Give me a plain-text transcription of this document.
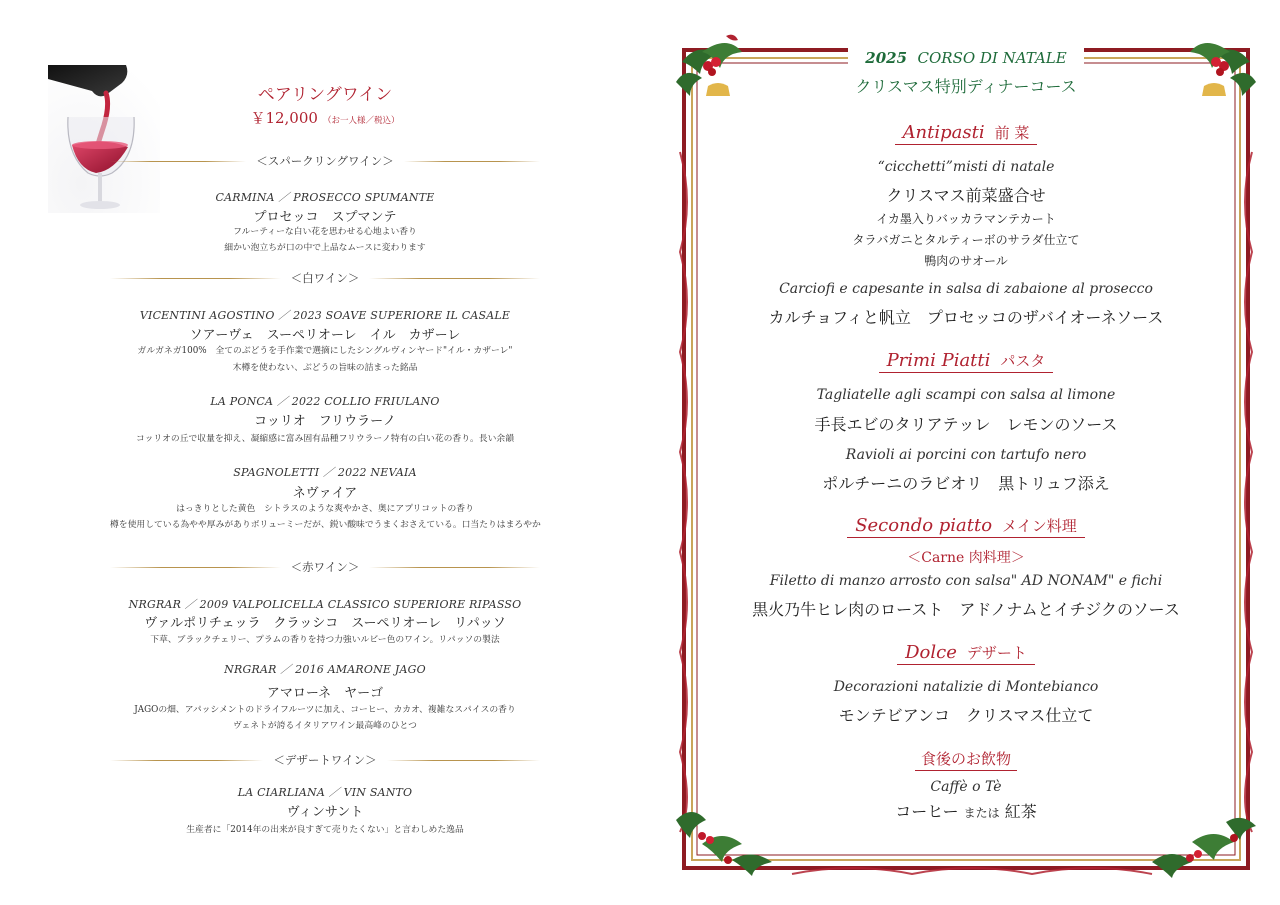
ペアリングワイン
￥12,000 （お一人様／税込）
＜スパークリングワイン＞
CARMINA ／ PROSECCO SPUMANTE
プロセッコ　スプマンテ
フルーティーな白い花を思わせる心地よい香り
細かい泡立ちが口の中で上品なムースに変わります
＜白ワイン＞
VICENTINI AGOSTINO ／ 2023 SOAVE SUPERIORE IL CASALE
ソアーヴェ　スーペリオーレ　イル　カザーレ
ガルガネガ100%　全てのぶどうを手作業で選摘にしたシングルヴィンヤード"イル・カザーレ"
木樽を使わない、ぶどうの旨味の詰まった銘品
LA PONCA ／ 2022 COLLIO FRIULANO
コッリオ　フリウラーノ
コッリオの丘で収量を抑え、凝縮感に富み固有品種フリウラーノ特有の白い花の香り。長い余韻
SPAGNOLETTI ／ 2022 NEVAIA
ネヴァイア
はっきりとした黄色　シトラスのような爽やかさ、奥にアプリコットの香り
樽を使用している為やや厚みがありボリューミーだが、鋭い酸味でうまくおさえている。口当たりはまろやか
＜赤ワイン＞
NRGRAR ／ 2009 VALPOLICELLA CLASSICO SUPERIORE RIPASSO
ヴァルポリチェッラ　クラッシコ　スーペリオーレ　リパッソ
下草、ブラックチェリー、プラムの香りを持つ力強いルビー色のワイン。リパッソの製法
NRGRAR ／ 2016 AMARONE JAGO
アマローネ　ヤーゴ
JAGOの畑、アパッシメントのドライフルーツに加え、コーヒー、カカオ、複雑なスパイスの香り
ヴェネトが誇るイタリアワイン最高峰のひとつ
＜デザートワイン＞
LA CIARLIANA ／ VIN SANTO
ヴィンサント
生産者に「2014年の出来が良すぎて売りたくない」と言わしめた逸品
2025 CORSO DI NATALE
クリスマス特別ディナーコース
Antipasti 前 菜
“cicchetti”misti di natale
クリスマス前菜盛合せ
イカ墨入りバッカラマンテカート
タラバガニとタルティーボのサラダ仕立て
鴨肉のサオール
Carciofi e capesante in salsa di zabaione al prosecco
カルチョフィと帆立　プロセッコのザバイオーネソース
Primi Piatti パスタ
Tagliatelle agli scampi con salsa al limone
手長エビのタリアテッレ　レモンのソース
Ravioli ai porcini con tartufo nero
ポルチーニのラビオリ　黒トリュフ添え
Secondo piatto メイン料理
＜Carne 肉料理＞
Filetto di manzo arrosto con salsa" AD NONAM" e fichi
黒火乃牛ヒレ肉のロースト　アドノナムとイチジクのソース
Dolce デザート
Decorazioni natalizie di Montebianco
モンテビアンコ　クリスマス仕立て
食後のお飲物
Caffè o Tè
コーヒー または 紅茶
